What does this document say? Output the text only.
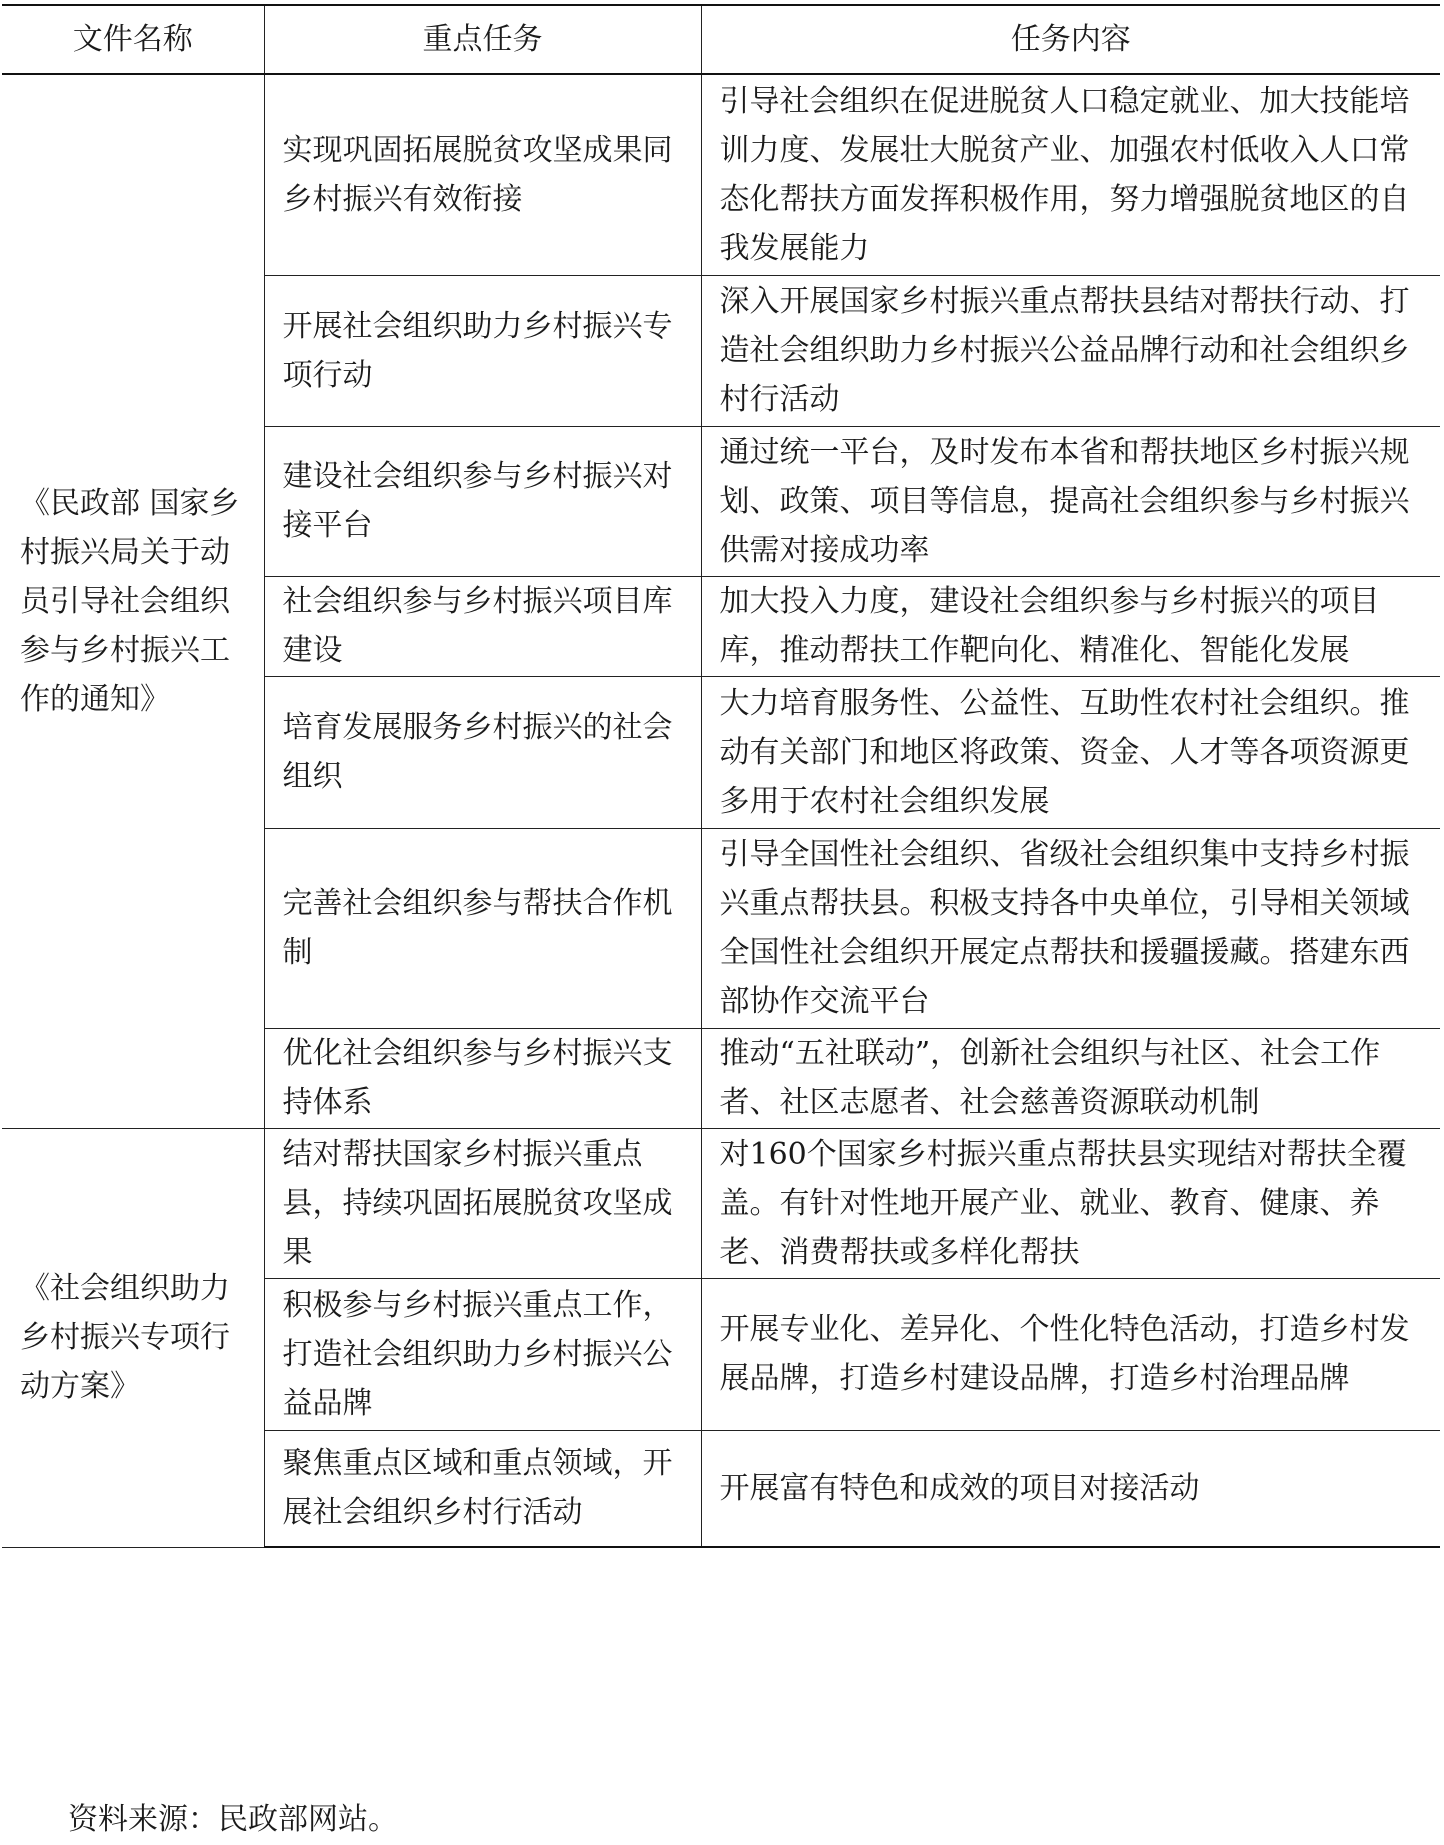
文件名称	重点任务	任务内容
《民政部 国家乡村振兴局关于动员引导社会组织参与乡村振兴工作的通知》	实现巩固拓展脱贫攻坚成果同乡村振兴有效衔接	引导社会组织在促进脱贫人口稳定就业、加大技能培训力度、发展壮大脱贫产业、加强农村低收入人口常态化帮扶方面发挥积极作用，努力增强脱贫地区的自我发展能力
	开展社会组织助力乡村振兴专项行动	深入开展国家乡村振兴重点帮扶县结对帮扶行动、打造社会组织助力乡村振兴公益品牌行动和社会组织乡村行活动
	建设社会组织参与乡村振兴对接平台	通过统一平台，及时发布本省和帮扶地区乡村振兴规划、政策、项目等信息，提高社会组织参与乡村振兴供需对接成功率
	社会组织参与乡村振兴项目库建设	加大投入力度，建设社会组织参与乡村振兴的项目库，推动帮扶工作靶向化、精准化、智能化发展
	培育发展服务乡村振兴的社会组织	大力培育服务性、公益性、互助性农村社会组织。推动有关部门和地区将政策、资金、人才等各项资源更多用于农村社会组织发展
	完善社会组织参与帮扶合作机制	引导全国性社会组织、省级社会组织集中支持乡村振兴重点帮扶县。积极支持各中央单位，引导相关领域全国性社会组织开展定点帮扶和援疆援藏。搭建东西部协作交流平台
	优化社会组织参与乡村振兴支持体系	推动“五社联动”，创新社会组织与社区、社会工作者、社区志愿者、社会慈善资源联动机制
《社会组织助力乡村振兴专项行动方案》	结对帮扶国家乡村振兴重点县，持续巩固拓展脱贫攻坚成果	对160个国家乡村振兴重点帮扶县实现结对帮扶全覆盖。有针对性地开展产业、就业、教育、健康、养老、消费帮扶或多样化帮扶
	积极参与乡村振兴重点工作，打造社会组织助力乡村振兴公益品牌	开展专业化、差异化、个性化特色活动，打造乡村发展品牌，打造乡村建设品牌，打造乡村治理品牌
	聚焦重点区域和重点领域，开展社会组织乡村行活动	开展富有特色和成效的项目对接活动
资料来源：民政部网站。
